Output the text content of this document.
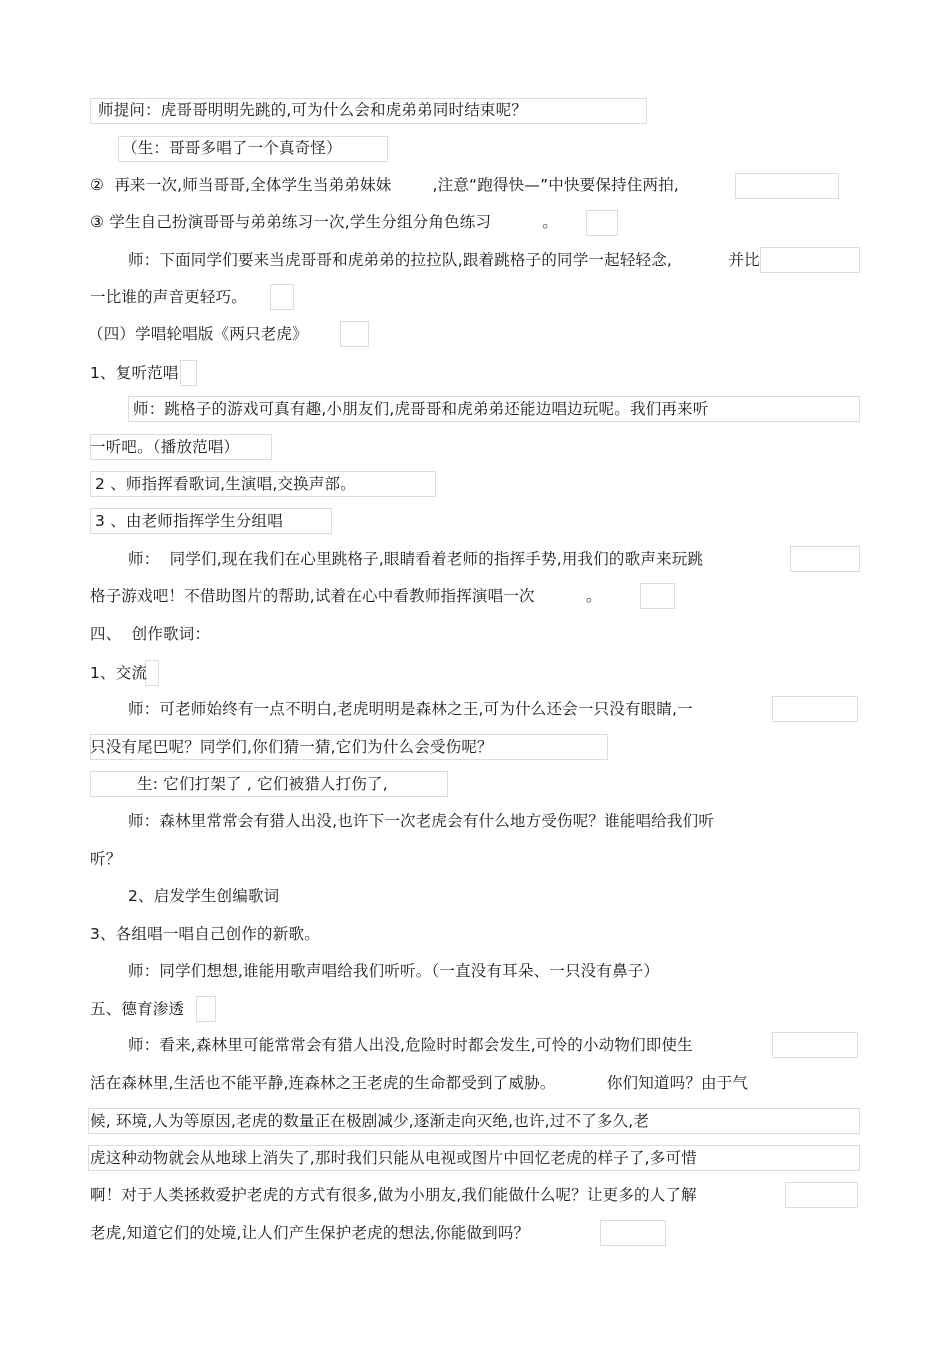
师提问：虎哥哥明明先跳的,可为什么会和虎弟弟同时结束呢？
（生：哥哥多唱了一个真奇怪）
②  再来一次,师当哥哥,全体学生当弟弟妹妹        ,注意“跑得快—”中快要保持住两拍,
③ 学生自己扮演哥哥与弟弟练习一次,学生分组分角色练习          。
师：下面同学们要来当虎哥哥和虎弟弟的拉拉队,跟着跳格子的同学一起轻轻念,           并比
一比谁的声音更轻巧。
（四）学唱轮唱版《两只老虎》
1、复听范唱
师：跳格子的游戏可真有趣,小朋友们,虎哥哥和虎弟弟还能边唱边玩呢。我们再来听
一听吧。（播放范唱）
2 、师指挥看歌词,生演唱,交换声部。
3 、由老师指挥学生分组唱
师：  同学们,现在我们在心里跳格子,眼睛看着老师的指挥手势,用我们的歌声来玩跳
格子游戏吧！不借助图片的帮助,试着在心中看教师指挥演唱一次          。
四、  创作歌词：
1、交流
师：可老师始终有一点不明白,老虎明明是森林之王,可为什么还会一只没有眼睛,一
只没有尾巴呢？同学们,你们猜一猜,它们为什么会受伤呢？
生: 它们打架了 , 它们被猎人打伤了,
师：森林里常常会有猎人出没,也许下一次老虎会有什么地方受伤呢？谁能唱给我们听
听？
2、启发学生创编歌词
3、各组唱一唱自己创作的新歌。
师：同学们想想,谁能用歌声唱给我们听听。（一直没有耳朵、一只没有鼻子）
五、德育渗透
师：看来,森林里可能常常会有猎人出没,危险时时都会发生,可怜的小动物们即使生
活在森林里,生活也不能平静,连森林之王老虎的生命都受到了威胁。          你们知道吗？由于气
候, 环境,人为等原因,老虎的数量正在极剧减少,逐渐走向灭绝,也许,过不了多久,老
虎这种动物就会从地球上消失了,那时我们只能从电视或图片中回忆老虎的样子了,多可惜
啊！对于人类拯救爱护老虎的方式有很多,做为小朋友,我们能做什么呢？让更多的人了解
老虎,知道它们的处境,让人们产生保护老虎的想法,你能做到吗？
